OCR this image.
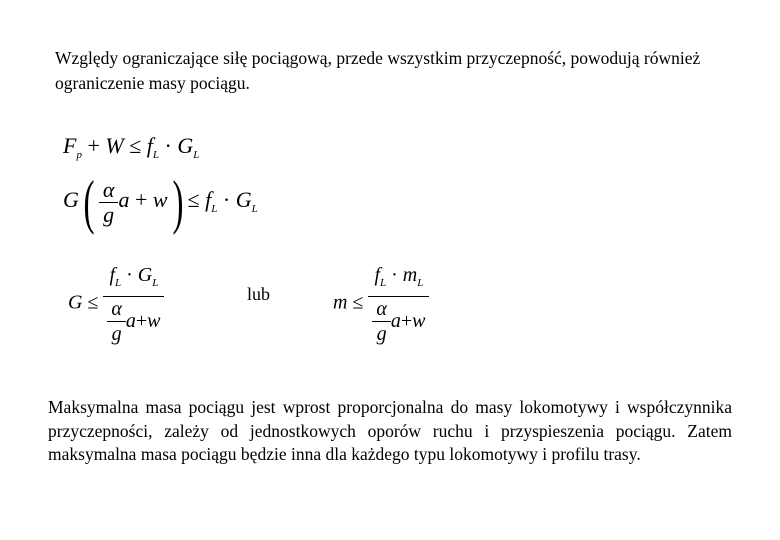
Względy ograniczające siłę pociągową, przede wszystkim przyczepność, powodują również ograniczenie masy pociągu.

$F_p + W \le f_L \cdot G_L$
$G( \frac{\alpha}{g}$ $a + w) \le f_L \cdot G_L$
G ≤
$f_L \cdot G_L$
$\frac{\alpha}{g}$ a + w
lub	m ≤
$f_L \cdot m_L$
$\frac{\alpha}{g}$ a + w

Maksymalna masa pociągu jest wprost proporcjonalna do masy lokomotywy i współczynnika przyczepności, zależy od jednostkowych oporów ruchu i przyspieszenia pociągu. Zatem maksymalna masa pociągu będzie inna dla każdego typu lokomotywy i profilu trasy.
